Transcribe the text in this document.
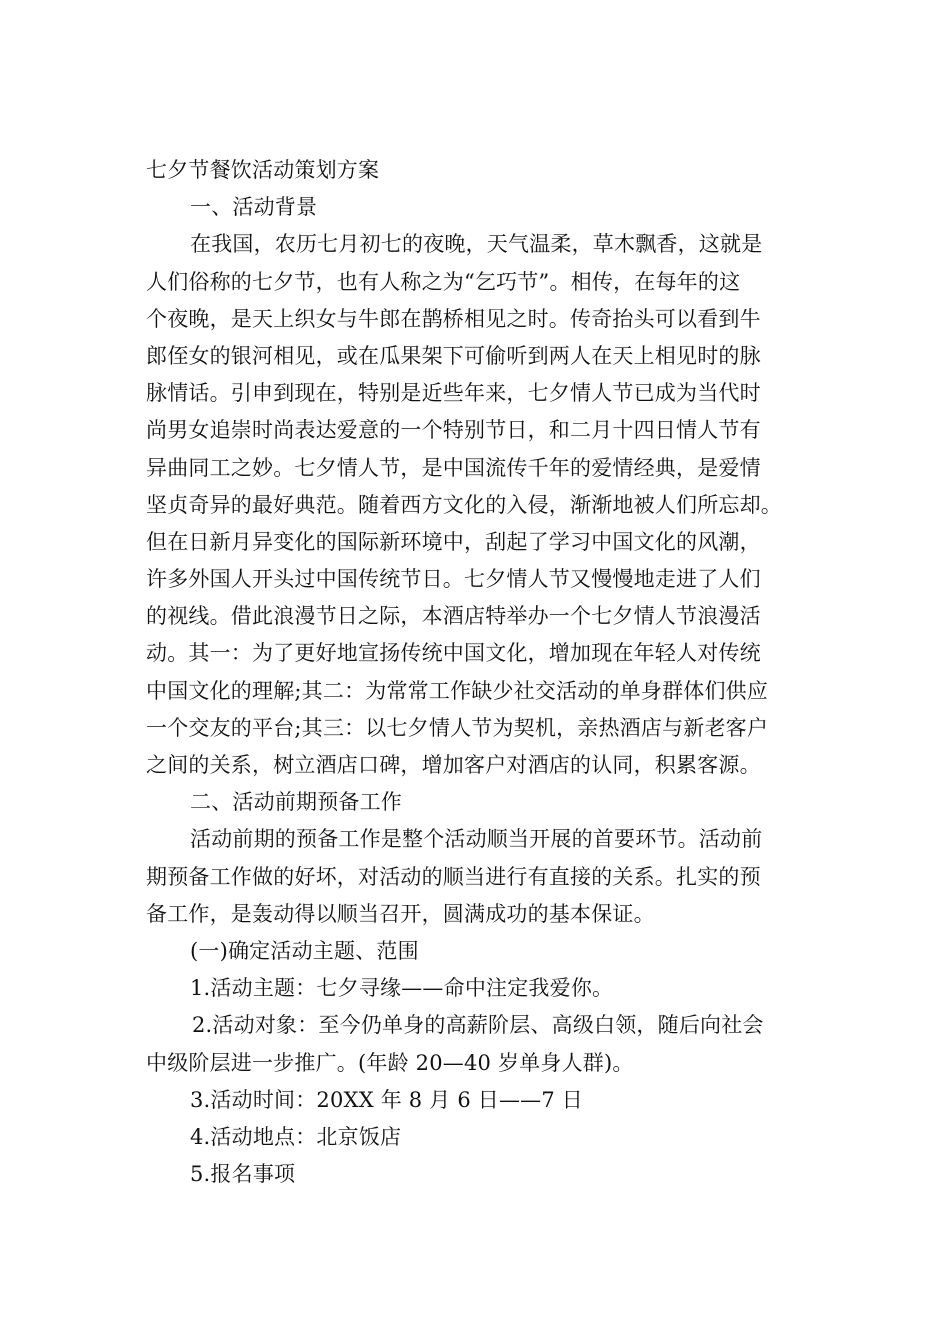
七夕节餐饮活动策划方案
一、活动背景
在我国，农历七月初七的夜晚，天气温柔，草木飘香，这就是
人们俗称的七夕节，也有人称之为“乞巧节”。相传，在每年的这
个夜晚，是天上织女与牛郎在鹊桥相见之时。传奇抬头可以看到牛
郎侄女的银河相见，或在瓜果架下可偷听到两人在天上相见时的脉
脉情话。引申到现在，特别是近些年来，七夕情人节已成为当代时
尚男女追崇时尚表达爱意的一个特别节日，和二月十四日情人节有
异曲同工之妙。七夕情人节，是中国流传千年的爱情经典，是爱情
坚贞奇异的最好典范。随着西方文化的入侵，渐渐地被人们所忘却。
但在日新月异变化的国际新环境中，刮起了学习中国文化的风潮，
许多外国人开头过中国传统节日。七夕情人节又慢慢地走进了人们
的视线。借此浪漫节日之际，本酒店特举办一个七夕情人节浪漫活
动。其一：为了更好地宣扬传统中国文化，增加现在年轻人对传统
中国文化的理解;其二：为常常工作缺少社交活动的单身群体们供应
一个交友的平台;其三：以七夕情人节为契机，亲热酒店与新老客户
之间的关系，树立酒店口碑，增加客户对酒店的认同，积累客源。
二、活动前期预备工作
活动前期的预备工作是整个活动顺当开展的首要环节。活动前
期预备工作做的好坏，对活动的顺当进行有直接的关系。扎实的预
备工作，是轰动得以顺当召开，圆满成功的基本保证。
(一)确定活动主题、范围
1.活动主题：七夕寻缘——命中注定我爱你。
2.活动对象：至今仍单身的高薪阶层、高级白领，随后向社会
中级阶层进一步推广。(年龄 20—40 岁单身人群)。
3.活动时间：20XX 年 8 月 6 日——7 日
4.活动地点：北京饭店
5.报名事项
